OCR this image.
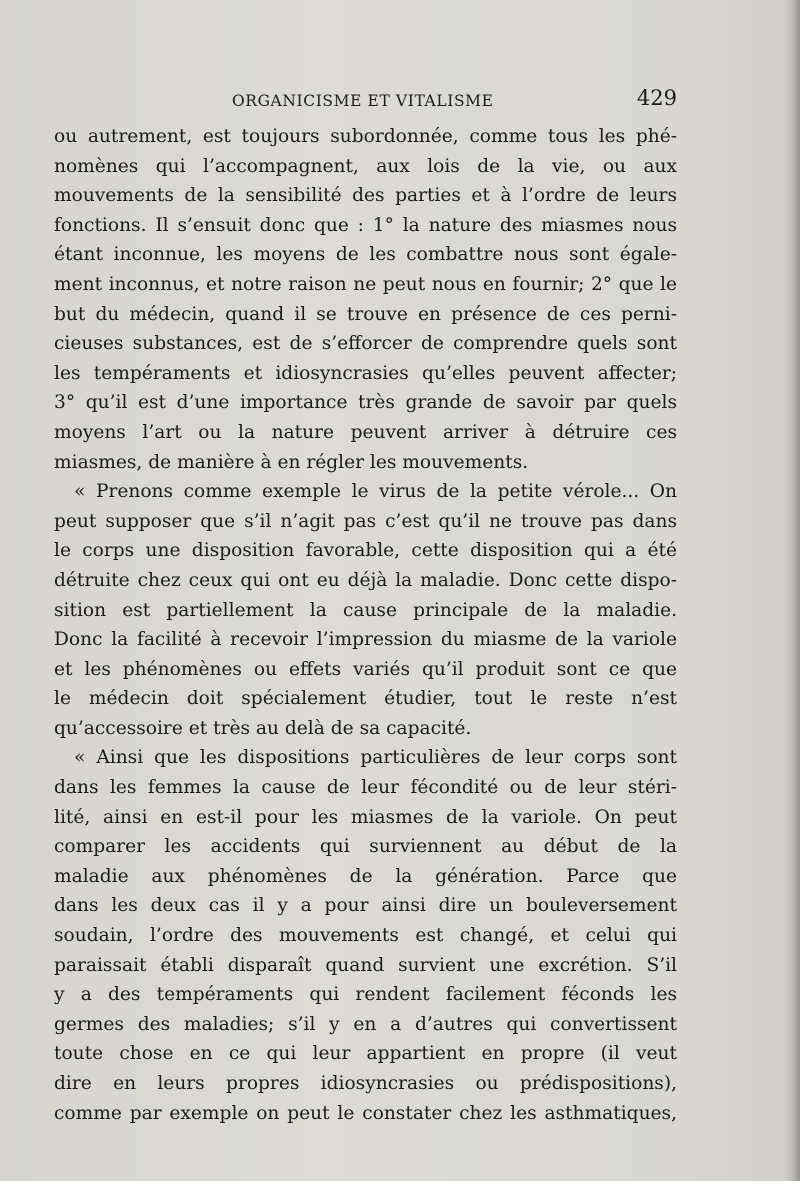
ORGANICISME ET VITALISME	429
ou autrement, est toujours subordonnée, comme tous les phé-
nomènes qui l’accompagnent, aux lois de la vie, ou aux
mouvements de la sensibilité des parties et à l’ordre de leurs
fonctions. Il s’ensuit donc que : 1° la nature des miasmes nous
étant inconnue, les moyens de les combattre nous sont égale-
ment inconnus, et notre raison ne peut nous en fournir; 2° que le
but du médecin, quand il se trouve en présence de ces perni-
cieuses substances, est de s’efforcer de comprendre quels sont
les tempéraments et idiosyncrasies qu’elles peuvent affecter;
3° qu’il est d’une importance très grande de savoir par quels
moyens l’art ou la nature peuvent arriver à détruire ces
miasmes, de manière à en régler les mouvements.
« Prenons comme exemple le virus de la petite vérole... On
peut supposer que s’il n’agit pas c’est qu’il ne trouve pas dans
le corps une disposition favorable, cette disposition qui a été
détruite chez ceux qui ont eu déjà la maladie. Donc cette dispo-
sition est partiellement la cause principale de la maladie.
Donc la facilité à recevoir l’impression du miasme de la variole
et les phénomènes ou effets variés qu’il produit sont ce que
le médecin doit spécialement étudier, tout le reste n’est
qu’accessoire et très au delà de sa capacité.
« Ainsi que les dispositions particulières de leur corps sont
dans les femmes la cause de leur fécondité ou de leur stéri-
lité, ainsi en est-il pour les miasmes de la variole. On peut
comparer les accidents qui surviennent au début de la
maladie aux phénomènes de la génération. Parce que
dans les deux cas il y a pour ainsi dire un bouleversement
soudain, l’ordre des mouvements est changé, et celui qui
paraissait établi disparaît quand survient une excrétion. S’il
y a des tempéraments qui rendent facilement féconds les
germes des maladies; s’il y en a d’autres qui convertissent
toute chose en ce qui leur appartient en propre (il veut
dire en leurs propres idiosyncrasies ou prédispositions),
comme par exemple on peut le constater chez les asthmatiques,
